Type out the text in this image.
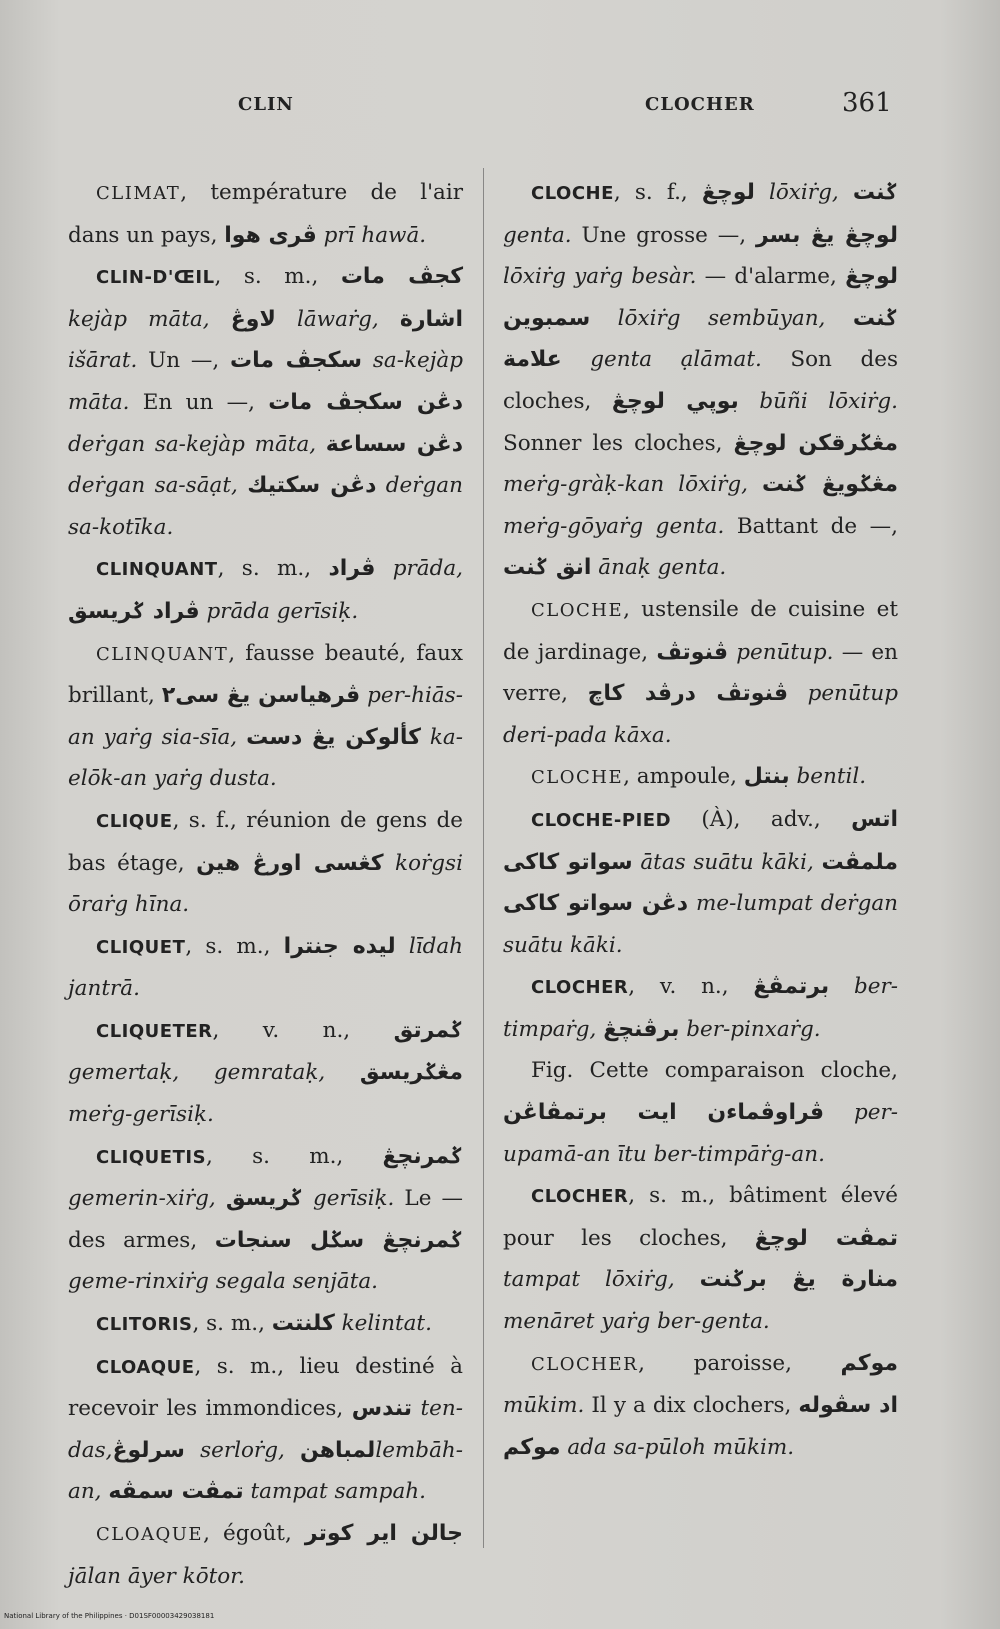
CLIN	CLOCHER	361

CLIMAT, température de l'air dans un pays, ڤرى هوا prī hawā.

CLIN-D'ŒIL, s. m., كجڤ مات kejàp māta, لاوڠ lāwaṙg, اشارة išārat. Un —, سكجڤ مات sa-kejàp māta. En un —, دڠن سكجڤ مات deṙgan sa-kejàp māta, دڠن سساعة deṙgan sa-sāạt, دڠن سكتيك deṙgan sa-kotīka.

CLINQUANT, s. m., ڤراد prāda, ڤراد ݢريسق prāda gerīsiḳ.

CLINQUANT, fausse beauté, faux brillant, ڤرهياسن يڠ سى٢ per-hiās-an yaṙg sia-sīa, كألوكن يڠ دست ka-elōk-an yaṙg dusta.

CLIQUE, s. f., réunion de gens de bas étage, كڠسى اورڠ هين koṙgsi ōraṙg hīna.

CLIQUET, s. m., ليده جنترا līdah jantrā.

CLIQUETER, v. n., ݢمرتق gemertaḳ, gemrataḳ, مڠݢريسق meṙg-gerīsiḳ.

CLIQUETIS, s. m., ݢمرنچڠ gemerin-xiṙg, ݢريسق gerīsiḳ. Le — des armes, ݢمرنچڠ سݢل سنجات geme-rinxiṙg segala senjāta.

CLITORIS, s. m., كلنتت kelintat.

CLOAQUE, s. m., lieu destiné à recevoir les immondices, تندس ten-das,سرلوڠ serloṙg, لمباهنlembāh-an, تمڤت سمڤه tampat sampah.

CLOAQUE, égoût, جالن اير كوتر jālan āyer kōtor.

CLOCHE, s. f., لوچڠ lōxiṙg, ݢنت genta. Une grosse —, لوچڠ يڠ بسر lōxiṙg yaṙg besàr. — d'alarme, لوچڠ سمبوين lōxiṙg sembūyan, ݢنت علامة genta ạlāmat. Son des cloches, بوڽي لوچڠ būñi lōxiṙg. Sonner les cloches, مڠݢرقكن لوچڠ meṙg-gràḳ-kan lōxiṙg, مڠݢويڠ ݢنت meṙg-gōyaṙg genta. Battant de —, انق ݢنت ānaḳ genta.

CLOCHE, ustensile de cuisine et de jardinage, ڤنوتڤ penūtup. — en verre, ڤنوتڤ درڤد كاچ penūtup deri-pada kāxa.

CLOCHE, ampoule, بنتل bentil.

CLOCHE-PIED (À), adv., اتس سواتو كاكى ātas suātu kāki, ملمڤت دڠن سواتو كاكى me-lumpat deṙgan suātu kāki.

CLOCHER, v. n., برتمڤڠ ber-timpaṙg, برڤنچڠ ber-pinxaṙg.

Fig. Cette comparaison cloche, ڤراوڤماءن ايت برتمڤاڠن per-upamā-an ītu ber-timpāṙg-an.

CLOCHER, s. m., bâtiment élevé pour les cloches, تمڤت لوچڠ tampat lōxiṙg, منارة يڠ برݢنت menāret yaṙg ber-genta.

CLOCHER, paroisse, موكم mūkim. Il y a dix clochers, اد سڤوله موكم ada sa-pūloh mūkim.

National Library of the Philippines · D01SF00003429038181
